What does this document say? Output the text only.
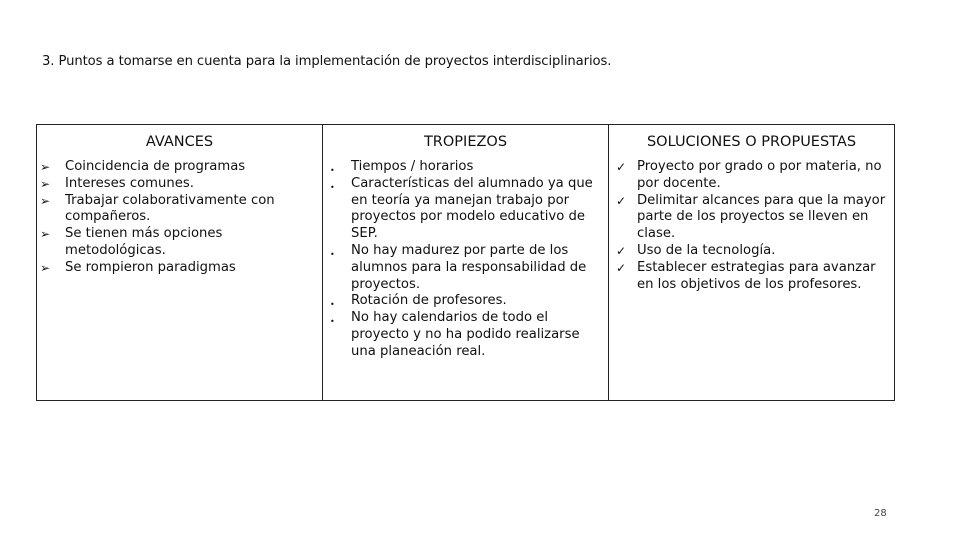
3. Puntos a tomarse en cuenta para la implementación de proyectos interdisciplinarios.
AVANCES
➢ Coincidencia de programas
➢ Intereses comunes.
➢ Trabajar colaborativamente con compañeros.
➢ Se tienen más opciones metodológicas.
➢ Se rompieron paradigmas
TROPIEZOS
• Tiempos / horarios
• Características del alumnado ya que en teoría ya manejan trabajo por proyectos por modelo educativo de SEP.
• No hay madurez por parte de los alumnos para la responsabilidad de proyectos.
• Rotación de profesores.
• No hay calendarios de todo el proyecto y no ha podido realizarse una planeación real.
SOLUCIONES O PROPUESTAS
✓ Proyecto por grado o por materia, no por docente.
✓ Delimitar alcances para que la mayor parte de los proyectos se lleven en clase.
✓ Uso de la tecnología.
✓ Establecer estrategias para avanzar en los objetivos de los profesores.
28
